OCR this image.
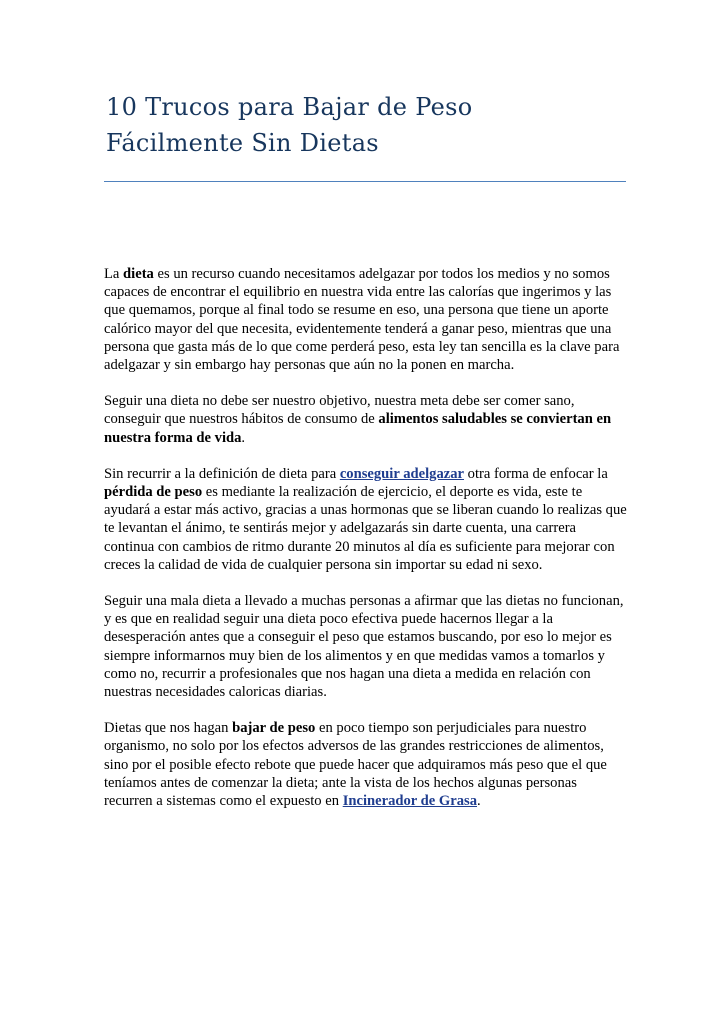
10 Trucos para Bajar de Peso
Fácilmente Sin Dietas

La dieta es un recurso cuando necesitamos adelgazar por todos los medios y no somos capaces de encontrar el equilibrio en nuestra vida entre las calorías que ingerimos y las que quemamos, porque al final todo se resume en eso, una persona que tiene un aporte calórico mayor del que necesita, evidentemente tenderá a ganar peso, mientras que una persona que gasta más de lo que come perderá peso, esta ley tan sencilla es la clave para adelgazar y sin embargo hay personas que aún no la ponen en marcha.

Seguir una dieta no debe ser nuestro objetivo, nuestra meta debe ser comer sano, conseguir que nuestros hábitos de consumo de alimentos saludables se conviertan en nuestra forma de vida.

Sin recurrir a la definición de dieta para conseguir adelgazar otra forma de enfocar la pérdida de peso es mediante la realización de ejercicio, el deporte es vida, este te ayudará a estar más activo, gracias a unas hormonas que se liberan cuando lo realizas que te levantan el ánimo, te sentirás mejor y adelgazarás sin darte cuenta, una carrera continua con cambios de ritmo durante 20 minutos al día es suficiente para mejorar con creces la calidad de vida de cualquier persona sin importar su edad ni sexo.

Seguir una mala dieta a llevado a muchas personas a afirmar que las dietas no funcionan, y es que en realidad seguir una dieta poco efectiva puede hacernos llegar a la desesperación antes que a conseguir el peso que estamos buscando, por eso lo mejor es siempre informarnos muy bien de los alimentos y en que medidas vamos a tomarlos y como no, recurrir a profesionales que nos hagan una dieta a medida en relación con nuestras necesidades caloricas diarias.

Dietas que nos hagan bajar de peso en poco tiempo son perjudiciales para nuestro organismo, no solo por los efectos adversos de las grandes restricciones de alimentos, sino por el posible efecto rebote que puede hacer que adquiramos más peso que el que teníamos antes de comenzar la dieta; ante la vista de los hechos algunas personas recurren a sistemas como el expuesto en Incinerador de Grasa.
